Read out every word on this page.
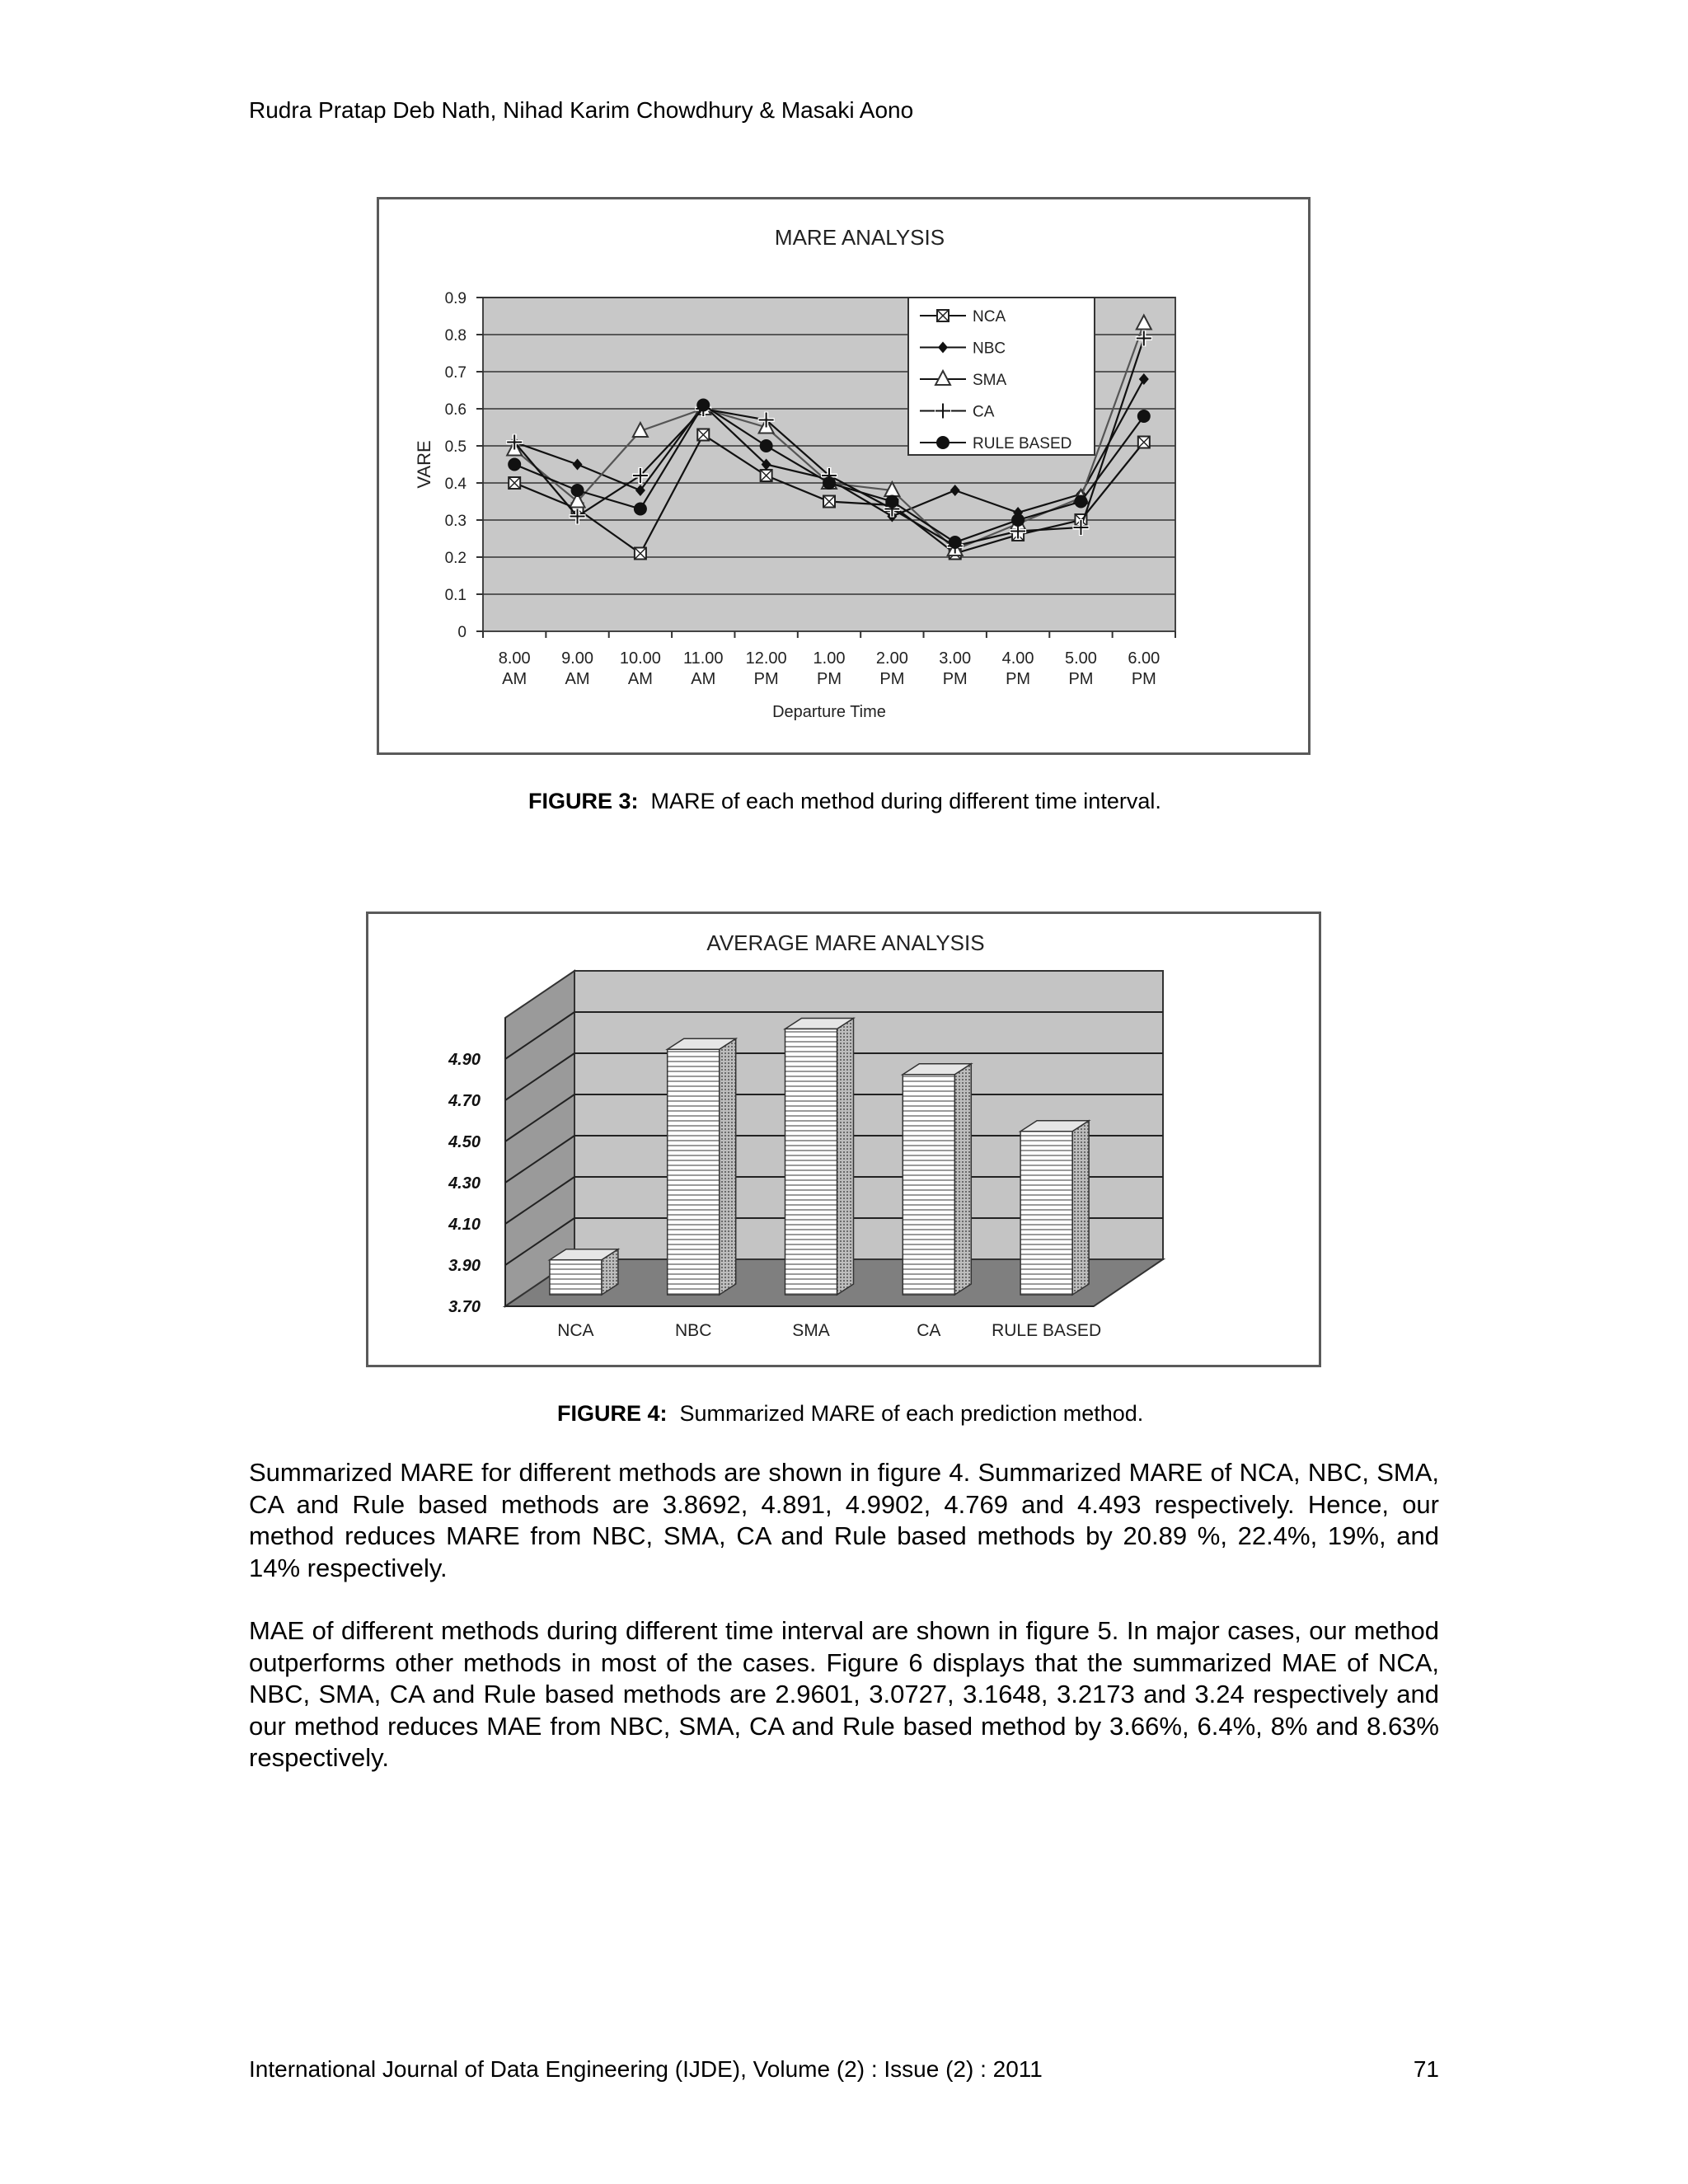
Rudra Pratap Deb Nath, Nihad Karim Chowdhury & Masaki Aono
MARE ANALYSIS
0
0.1
0.2
0.3
0.4
0.5
0.6
0.7
0.8
0.9
8.00
AM
9.00
AM
10.00
AM
11.00
AM
12.00
PM
1.00
PM
2.00
PM
3.00
PM
4.00
PM
5.00
PM
6.00
PM
Departure Time
VARE
NCA
NBC
SMA
CA
RULE BASED
FIGURE 3: MARE of each method during different time interval.
AVERAGE MARE ANALYSIS
3.70
3.90
4.10
4.30
4.50
4.70
4.90
NCA	NBC	SMA	CA	RULE BASED
FIGURE 4: Summarized MARE of each prediction method.
Summarized MARE for different methods are shown in figure 4. Summarized MARE of NCA, NBC, SMA, CA and Rule based methods are 3.8692, 4.891, 4.9902, 4.769 and 4.493 respectively. Hence, our method reduces MARE from NBC, SMA, CA and Rule based methods by 20.89 %, 22.4%, 19%, and 14% respectively.
MAE of different methods during different time interval are shown in figure 5. In major cases, our method outperforms other methods in most of the cases. Figure 6 displays that the summarized MAE of NCA, NBC, SMA, CA and Rule based methods are 2.9601, 3.0727, 3.1648, 3.2173 and 3.24 respectively and our method reduces MAE from NBC, SMA, CA and Rule based method by 3.66%, 6.4%, 8% and 8.63% respectively.
International Journal of Data Engineering (IJDE), Volume (2) : Issue (2) : 2011	71
